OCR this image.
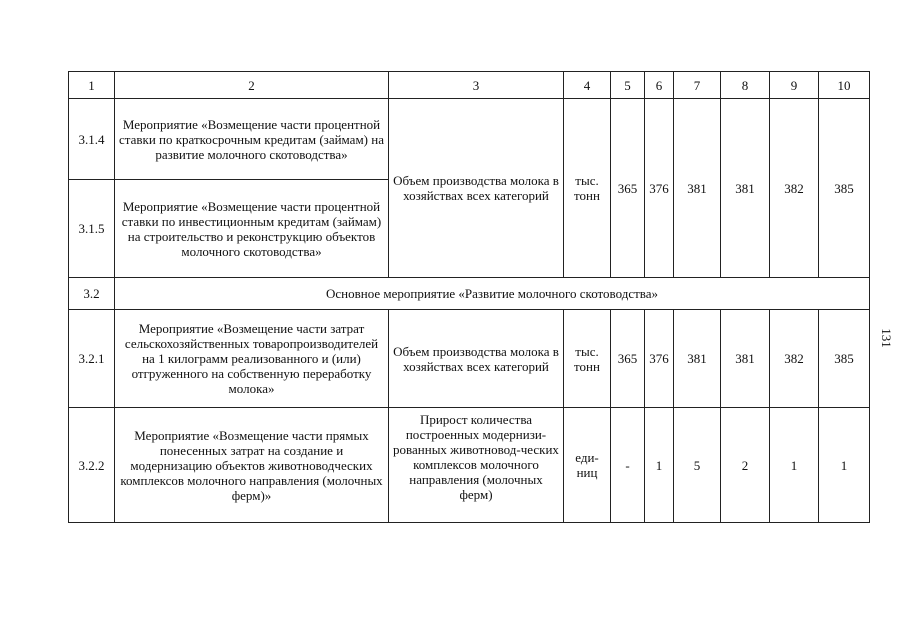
1	2	3	4	5	6	7	8	9	10
3.1.4	Мероприятие «Возмещение части процентной ставки по краткосрочным кредитам (займам) на развитие молочного скотоводства»	Объем производства молока в хозяйствах всех категорий	тыс. тонн	365	376	381	381	382	385
3.1.5	Мероприятие «Возмещение части процентной ставки по инвестиционным кредитам (займам) на строительство и реконструкцию объектов молочного скотоводства»								
3.2	Основное мероприятие «Развитие молочного скотоводства»								
3.2.1	Мероприятие «Возмещение части затрат сельскохозяйственных товаропроизводителей на 1 килограмм реализованного и (или) отгруженного на собственную переработку молока»	Объем производства молока в хозяйствах всех категорий	тыс. тонн	365	376	381	381	382	385
3.2.2	Мероприятие «Возмещение части прямых понесенных затрат на создание и модернизацию объектов животноводческих комплексов молочного направления (молочных ферм)»	Прирост количества построенных модернизи-рованных животновод-ческих комплексов молочного направления (молочных ферм)	еди-ниц	-	1	5	2	1	1
131
